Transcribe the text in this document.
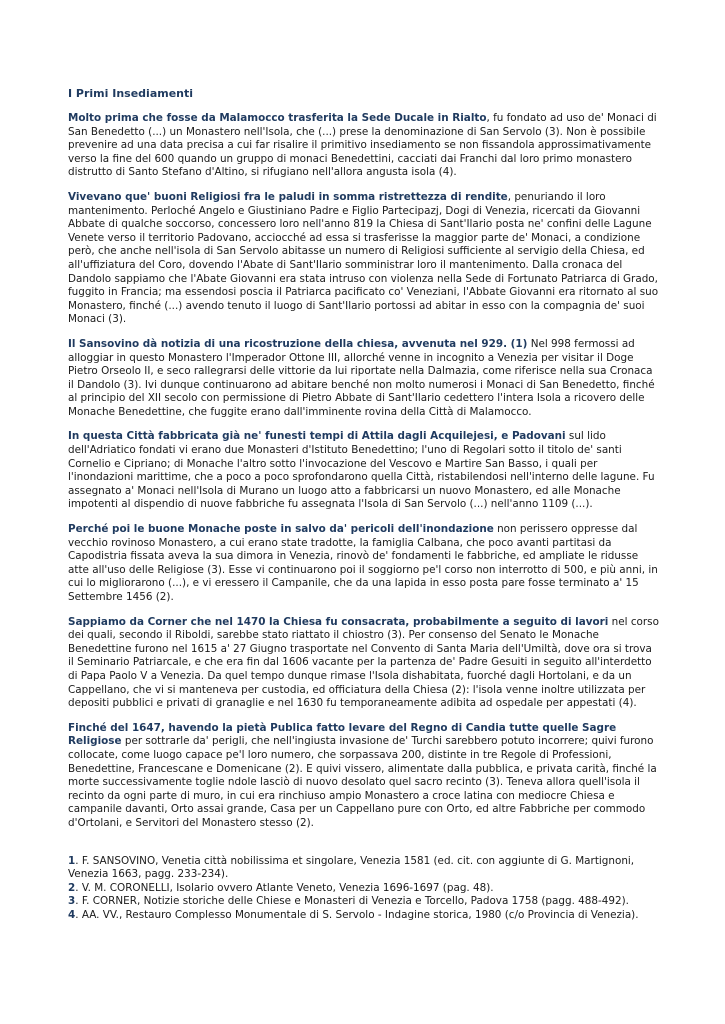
I Primi Insediamenti

Molto prima che fosse da Malamocco trasferita la Sede Ducale in Rialto, fu fondato ad uso de' Monaci di San Benedetto (...) un Monastero nell'Isola, che (...) prese la denominazione di San Servolo (3). Non è possibile prevenire ad una data precisa a cui far risalire il primitivo insediamento se non fissandola approssimativamente verso la fine del 600 quando un gruppo di monaci Benedettini, cacciati dai Franchi dal loro primo monastero distrutto di Santo Stefano d'Altino, si rifugiano nell'allora angusta isola (4).

Vivevano que' buoni Religiosi fra le paludi in somma ristrettezza di rendite, penuriando il loro mantenimento. Perloché Angelo e Giustiniano Padre e Figlio Partecipazj, Dogi di Venezia, ricercati da Giovanni Abbate di qualche soccorso, concessero loro nell'anno 819 la Chiesa di Sant'Ilario posta ne' confini delle Lagune Venete verso il territorio Padovano, acciocché ad essa si trasferisse la maggior parte de' Monaci, a condizione però, che anche nell'isola di San Servolo abitasse un numero di Religiosi sufficiente al servigio della Chiesa, ed all'uffiziatura del Coro, dovendo l'Abate di Sant'Ilario somministrar loro il mantenimento. Dalla cronaca del Dandolo sappiamo che l'Abate Giovanni era stata intruso con violenza nella Sede di Fortunato Patriarca di Grado, fuggito in Francia; ma essendosi poscia il Patriarca pacificato co' Veneziani, l'Abbate Giovanni era ritornato al suo Monastero, finché (...) avendo tenuto il luogo di Sant'Ilario portossi ad abitar in esso con la compagnia de' suoi Monaci (3).

Il Sansovino dà notizia di una ricostruzione della chiesa, avvenuta nel 929. (1) Nel 998 fermossi ad alloggiar in questo Monastero l'Imperador Ottone III, allorché venne in incognito a Venezia per visitar il Doge Pietro Orseolo II, e seco rallegrarsi delle vittorie da lui riportate nella Dalmazia, come riferisce nella sua Cronaca il Dandolo (3). Ivi dunque continuarono ad abitare benché non molto numerosi i Monaci di San Benedetto, finché al principio del XII secolo con permissione di Pietro Abbate di Sant'Ilario cedettero l'intera Isola a ricovero delle Monache Benedettine, che fuggite erano dall'imminente rovina della Città di Malamocco.

In questa Città fabbricata già ne' funesti tempi di Attila dagli Acquilejesi, e Padovani sul lido dell'Adriatico fondati vi erano due Monasteri d'Istituto Benedettino; l'uno di Regolari sotto il titolo de' santi Cornelio e Cipriano; di Monache l'altro sotto l'invocazione del Vescovo e Martire San Basso, i quali per l'inondazioni marittime, che a poco a poco sprofondarono quella Città, ristabilendosi nell'interno delle lagune. Fu assegnato a' Monaci nell'Isola di Murano un luogo atto a fabbricarsi un nuovo Monastero, ed alle Monache impotenti al dispendio di nuove fabbriche fu assegnata l'Isola di San Servolo (...) nell'anno 1109 (...).

Perché poi le buone Monache poste in salvo da' pericoli dell'inondazione non perissero oppresse dal vecchio rovinoso Monastero, a cui erano state tradotte, la famiglia Calbana, che poco avanti partitasi da Capodistria fissata aveva la sua dimora in Venezia, rinovò de' fondamenti le fabbriche, ed ampliate le ridusse atte all'uso delle Religiose (3). Esse vi continuarono poi il soggiorno pe'l corso non interrotto di 500, e più anni, in cui lo migliorarono (...), e vi eressero il Campanile, che da una lapida in esso posta pare fosse terminato a' 15 Settembre 1456 (2).

Sappiamo da Corner che nel 1470 la Chiesa fu consacrata, probabilmente a seguito di lavori nel corso dei quali, secondo il Riboldi, sarebbe stato riattato il chiostro (3). Per consenso del Senato le Monache Benedettine furono nel 1615 a' 27 Giugno trasportate nel Convento di Santa Maria dell'Umiltà, dove ora si trova il Seminario Patriarcale, e che era fin dal 1606 vacante per la partenza de' Padre Gesuiti in seguito all'interdetto di Papa Paolo V a Venezia. Da quel tempo dunque rimase l'Isola dishabitata, fuorché dagli Hortolani, e da un Cappellano, che vi si manteneva per custodia, ed officiatura della Chiesa (2): l'isola venne inoltre utilizzata per depositi pubblici e privati di granaglie e nel 1630 fu temporaneamente adibita ad ospedale per appestati (4).

Finché del 1647, havendo la pietà Publica fatto levare del Regno di Candia tutte quelle Sagre Religiose per sottrarle da' perigli, che nell'ingiusta invasione de' Turchi sarebbero potuto incorrere; quivi furono collocate, come luogo capace pe'l loro numero, che sorpassava 200, distinte in tre Regole di Professioni, Benedettine, Francescane e Domenicane (2). E quivi vissero, alimentate dalla pubblica, e privata carità, finché la morte successivamente toglie ndole lasciò di nuovo desolato quel sacro recinto (3). Teneva allora quell'isola il recinto da ogni parte di muro, in cui era rinchiuso ampio Monastero a croce latina con mediocre Chiesa e campanile davanti, Orto assai grande, Casa per un Cappellano pure con Orto, ed altre Fabbriche per commodo d'Ortolani, e Servitori del Monastero stesso (2).

1. F. SANSOVINO, Venetia città nobilissima et singolare, Venezia 1581 (ed. cit. con aggiunte di G. Martignoni, Venezia 1663, pagg. 233-234).

2. V. M. CORONELLI, Isolario ovvero Atlante Veneto, Venezia 1696-1697 (pag. 48).

3. F. CORNER, Notizie storiche delle Chiese e Monasteri di Venezia e Torcello, Padova 1758 (pagg. 488-492).

4. AA. VV., Restauro Complesso Monumentale di S. Servolo - Indagine storica, 1980 (c/o Provincia di Venezia).
